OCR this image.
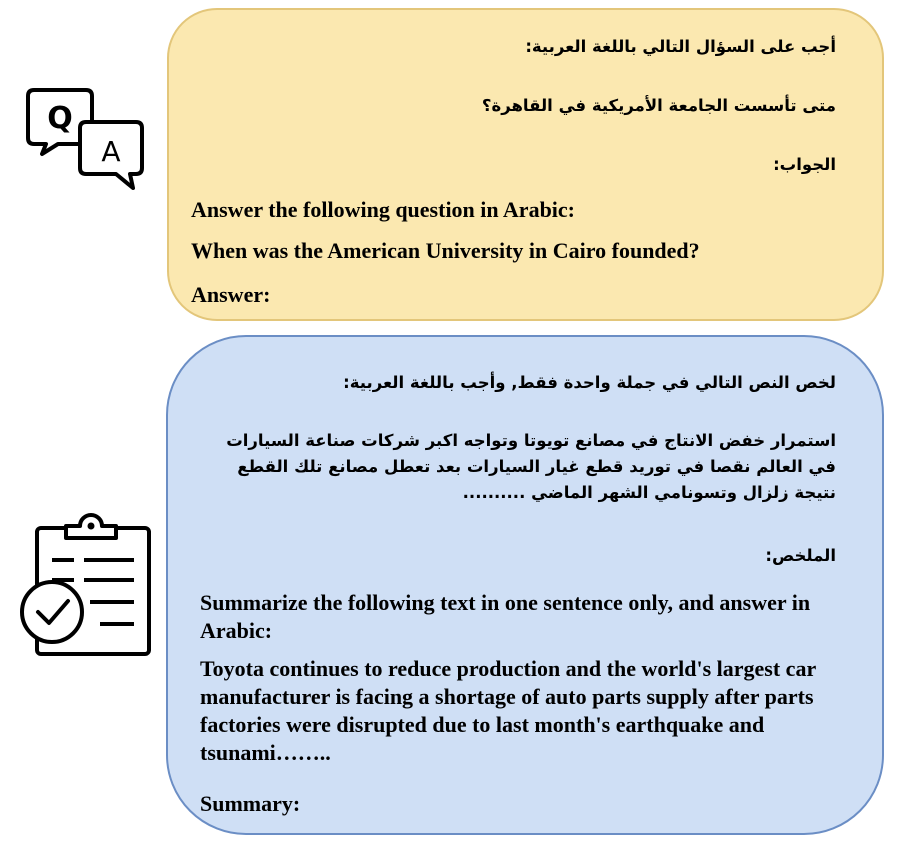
Q
A

أجب على السؤال التالي باللغة العربية:

متى تأسست الجامعة الأمريكية في القاهرة؟

الجواب:

Answer the following question in Arabic:

When was the American University in Cairo founded?

Answer:

لخص النص التالي في جملة واحدة فقط, وأجب باللغة العربية:

استمرار خفض الانتاج في مصانع تويوتا وتواجه اكبر شركات صناعة السيارات في العالم نقصا في توريد قطع غيار السيارات بعد تعطل مصانع تلك القطع نتيجة زلزال وتسونامي الشهر الماضي ..........

الملخص:

Summarize the following text in one sentence only, and answer in Arabic:

Toyota continues to reduce production and the world's largest car manufacturer is facing a shortage of auto parts supply after parts factories were disrupted due to last month's earthquake and tsunami……..

Summary:
